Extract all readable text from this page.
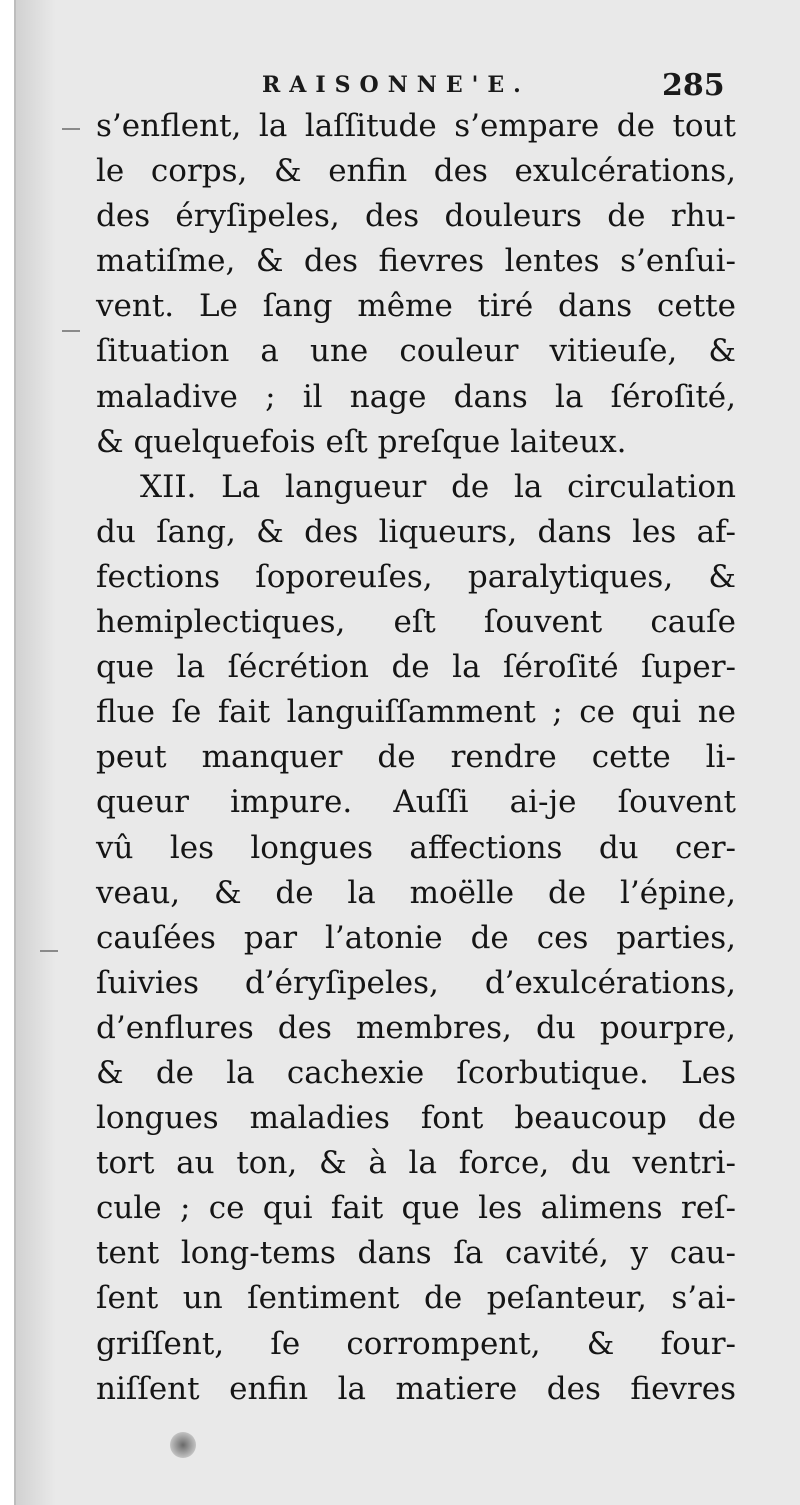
RAISONNE'E.	285
s’enflent, la laſſitude s’empare de tout
le corps, & enfin des exulcérations,
des éryſipeles, des douleurs de rhu-
matiſme, & des fievres lentes s’enſui-
vent. Le ſang même tiré dans cette
ſituation a une couleur vitieuſe, &
maladive ; il nage dans la ſéroſité,
& quelquefois eſt preſque laiteux.
XII. La langueur de la circulation
du ſang, & des liqueurs, dans les af-
fections ſoporeuſes, paralytiques, &
hemiplectiques, eſt ſouvent cauſe
que la ſécrétion de la ſéroſité ſuper-
flue ſe fait languiſſamment ; ce qui ne
peut manquer de rendre cette li-
queur impure. Auſſi ai-je ſouvent
vû les longues affections du cer-
veau, & de la moëlle de l’épine,
cauſées par l’atonie de ces parties,
ſuivies d’éryſipeles, d’exulcérations,
d’enflures des membres, du pourpre,
& de la cachexie ſcorbutique. Les
longues maladies font beaucoup de
tort au ton, & à la force, du ventri-
cule ; ce qui fait que les alimens reſ-
tent long-tems dans ſa cavité, y cau-
ſent un ſentiment de peſanteur, s’ai-
griſſent, ſe corrompent, & four-
niſſent enfin la matiere des fievres
